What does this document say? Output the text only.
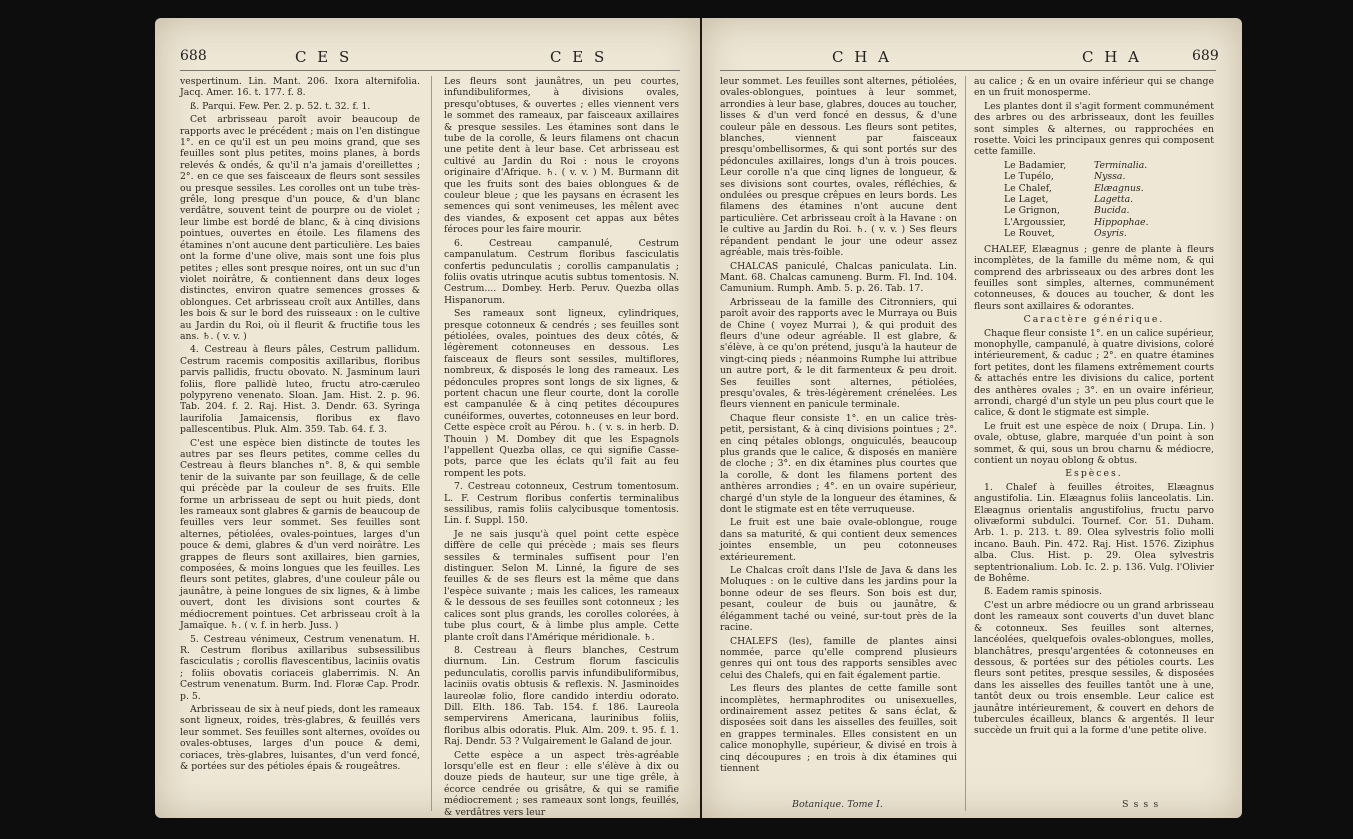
688	C E S	C E S

vespertinum. Lin. Mant. 206. Ixora alternifolia. Jacq. Amer. 16. t. 177. f. 8.

ß. Parqui. Few. Per. 2. p. 52. t. 32. f. 1.

Cet arbrisseau paroît avoir beaucoup de rapports avec le précédent ; mais on l'en distingue 1°. en ce qu'il est un peu moins grand, que ses feuilles sont plus petites, moins planes, à bords relevés & ondés, & qu'il n'a jamais d'oreillettes ; 2°. en ce que ses faisceaux de fleurs sont sessiles ou presque sessiles. Les corolles ont un tube très-grêle, long presque d'un pouce, & d'un blanc verdâtre, souvent teint de pourpre ou de violet ; leur limbe est bordé de blanc, & à cinq divisions pointues, ouvertes en étoile. Les filamens des étamines n'ont aucune dent particulière. Les baies ont la forme d'une olive, mais sont une fois plus petites ; elles sont presque noires, ont un suc d'un violet noirâtre, & contiennent dans deux loges distinctes, environ quatre semences grosses & oblongues. Cet arbrisseau croît aux Antilles, dans les bois & sur le bord des ruisseaux : on le cultive au Jardin du Roi, où il fleurit & fructifie tous les ans. ♄. ( v. v. )

4. Cestreau à fleurs pâles, Cestrum pallidum. Cestrum racemis compositis axillaribus, floribus parvis pallidis, fructu obovato. N. Jasminum lauri foliis, flore pallidè luteo, fructu atro-cæruleo polypyreno venenato. Sloan. Jam. Hist. 2. p. 96. Tab. 204. f. 2. Raj. Hist. 3. Dendr. 63. Syringa laurifolia Jamaicensis, floribus ex flavo pallescentibus. Pluk. Alm. 359. Tab. 64. f. 3.

C'est une espèce bien distincte de toutes les autres par ses fleurs petites, comme celles du Cestreau à fleurs blanches n°. 8, & qui semble tenir de la suivante par son feuillage, & de celle qui précède par la couleur de ses fruits. Elle forme un arbrisseau de sept ou huit pieds, dont les rameaux sont glabres & garnis de beaucoup de feuilles vers leur sommet. Ses feuilles sont alternes, pétiolées, ovales-pointues, larges d'un pouce & demi, glabres & d'un verd noirâtre. Les grappes de fleurs sont axillaires, bien garnies, composées, & moins longues que les feuilles. Les fleurs sont petites, glabres, d'une couleur pâle ou jaunâtre, à peine longues de six lignes, & à limbe ouvert, dont les divisions sont courtes & médiocrement pointues. Cet arbrisseau croît à la Jamaïque. ♄. ( v. f. in herb. Juss. )

5. Cestreau vénimeux, Cestrum venenatum. H. R. Cestrum floribus axillaribus subsessilibus fasciculatis ; corollis flavescentibus, laciniis ovatis ; foliis obovatis coriaceis glaberrimis. N. An Cestrum venenatum. Burm. Ind. Floræ Cap. Prodr. p. 5.

Arbrisseau de six à neuf pieds, dont les rameaux sont ligneux, roides, très-glabres, & feuillés vers leur sommet. Ses feuilles sont alternes, ovoïdes ou ovales-obtuses, larges d'un pouce & demi, coriaces, très-glabres, luisantes, d'un verd foncé, & portées sur des pétioles épais & rougeâtres.

Les fleurs sont jaunâtres, un peu courtes, infundibuliformes, à divisions ovales, presqu'obtuses, & ouvertes ; elles viennent vers le sommet des rameaux, par faisceaux axillaires & presque sessiles. Les étamines sont dans le tube de la corolle, & leurs filamens ont chacun une petite dent à leur base. Cet arbrisseau est cultivé au Jardin du Roi : nous le croyons originaire d'Afrique. ♄. ( v. v. ) M. Burmann dit que les fruits sont des baies oblongues & de couleur bleue ; que les paysans en écrasent les semences qui sont venimeuses, les mêlent avec des viandes, & exposent cet appas aux bêtes féroces pour les faire mourir.

6. Cestreau campanulé, Cestrum campanulatum. Cestrum floribus fasciculatis confertis pedunculatis ; corollis campanulatis ; foliis ovatis utrinque acutis subtus tomentosis. N. Cestrum.... Dombey. Herb. Peruv. Quezba ollas Hispanorum.

Ses rameaux sont ligneux, cylindriques, presque cotonneux & cendrés ; ses feuilles sont pétiolées, ovales, pointues des deux côtés, & légèrement cotonneuses en dessous. Les faisceaux de fleurs sont sessiles, multiflores, nombreux, & disposés le long des rameaux. Les pédoncules propres sont longs de six lignes, & portent chacun une fleur courte, dont la corolle est campanulée & à cinq petites découpures cunéiformes, ouvertes, cotonneuses en leur bord. Cette espèce croît au Pérou. ♄. ( v. s. in herb. D. Thouin ) M. Dombey dit que les Espagnols l'appellent Quezba ollas, ce qui signifie Casse-pots, parce que les éclats qu'il fait au feu rompent les pots.

7. Cestreau cotonneux, Cestrum tomentosum. L. F. Cestrum floribus confertis terminalibus sessilibus, ramis foliis calycibusque tomentosis. Lin. f. Suppl. 150.

Je ne sais jusqu'à quel point cette espèce diffère de celle qui précède ; mais ses fleurs sessiles & terminales suffisent pour l'en distinguer. Selon M. Linné, la figure de ses feuilles & de ses fleurs est la même que dans l'espèce suivante ; mais les calices, les rameaux & le dessous de ses feuilles sont cotonneux ; les calices sont plus grands, les corolles colorées, à tube plus court, & à limbe plus ample. Cette plante croît dans l'Amérique méridionale. ♄.

8. Cestreau à fleurs blanches, Cestrum diurnum. Lin. Cestrum florum fasciculis pedunculatis, corollis parvis infundibuliformibus, laciniis ovatis obtusis & reflexis. N. Jasminoides laureolæ folio, flore candido interdiu odorato. Dill. Elth. 186. Tab. 154. f. 186. Laureola sempervirens Americana, laurinibus foliis, floribus albis odoratis. Pluk. Alm. 209. t. 95. f. 1. Raj. Dendr. 53 ? Vulgairement le Galand de jour.

Cette espèce a un aspect très-agréable lorsqu'elle est en fleur : elle s'élève à dix ou douze pieds de hauteur, sur une tige grêle, à écorce cendrée ou grisâtre, & qui se ramifie médiocrement ; ses rameaux sont longs, feuillés, & verdâtres vers leur

C H A	C H A	689

leur sommet. Les feuilles sont alternes, pétiolées, ovales-oblongues, pointues à leur sommet, arrondies à leur base, glabres, douces au toucher, lisses & d'un verd foncé en dessus, & d'une couleur pâle en dessous. Les fleurs sont petites, blanches, viennent par faisceaux presqu'ombellisormes, & qui sont portés sur des pédoncules axillaires, longs d'un à trois pouces. Leur corolle n'a que cinq lignes de longueur, & ses divisions sont courtes, ovales, réfléchies, & ondulées ou presque crêpues en leurs bords. Les filamens des étamines n'ont aucune dent particulière. Cet arbrisseau croît à la Havane : on le cultive au Jardin du Roi. ♄. ( v. v. ) Ses fleurs répandent pendant le jour une odeur assez agréable, mais très-foible.

CHALCAS paniculé, Chalcas paniculata. Lin. Mant. 68. Chalcas camuneng. Burm. Fl. Ind. 104. Camunium. Rumph. Amb. 5. p. 26. Tab. 17.

Arbrisseau de la famille des Citronniers, qui paroît avoir des rapports avec le Murraya ou Buis de Chine ( voyez Murrai ), & qui produit des fleurs d'une odeur agréable. Il est glabre, & s'élève, à ce qu'on prétend, jusqu'à la hauteur de vingt-cinq pieds ; néanmoins Rumphe lui attribue un autre port, & le dit farmenteux & peu droit. Ses feuilles sont alternes, pétiolées, presqu'ovales, & très-légèrement crénelées. Les fleurs viennent en panicule terminale.

Chaque fleur consiste 1°. en un calice très-petit, persistant, & à cinq divisions pointues ; 2°. en cinq pétales oblongs, onguiculés, beaucoup plus grands que le calice, & disposés en manière de cloche ; 3°. en dix étamines plus courtes que la corolle, & dont les filamens portent des anthères arrondies ; 4°. en un ovaire supérieur, chargé d'un style de la longueur des étamines, & dont le stigmate est en tête verruqueuse.

Le fruit est une baie ovale-oblongue, rouge dans sa maturité, & qui contient deux semences jointes ensemble, un peu cotonneuses extérieurement.

Le Chalcas croît dans l'Isle de Java & dans les Moluques : on le cultive dans les jardins pour la bonne odeur de ses fleurs. Son bois est dur, pesant, couleur de buis ou jaunâtre, & élégamment taché ou veiné, sur-tout près de la racine.

CHALEFS (les), famille de plantes ainsi nommée, parce qu'elle comprend plusieurs genres qui ont tous des rapports sensibles avec celui des Chalefs, qui en fait également partie.

Les fleurs des plantes de cette famille sont incomplètes, hermaphrodites ou unisexuelles, ordinairement assez petites & sans éclat, & disposées soit dans les aisselles des feuilles, soit en grappes terminales. Elles consistent en un calice monophylle, supérieur, & divisé en trois à cinq découpures ; en trois à dix étamines qui tiennent

Botanique. Tome I.

au calice ; & en un ovaire inférieur qui se change en un fruit monosperme.

Les plantes dont il s'agit forment communément des arbres ou des arbrisseaux, dont les feuilles sont simples & alternes, ou rapprochées en rosette. Voici les principaux genres qui composent cette famille.

Le Badamier,	Terminalia.
Le Tupélo,	Nyssa.
Le Chalef,	Elæagnus.
Le Laget,	Lagetta.
Le Grignon,	Bucida.
L'Argoussier,	Hippophae.
Le Rouvet,	Osyris.

CHALEF, Elæagnus ; genre de plante à fleurs incomplètes, de la famille du même nom, & qui comprend des arbrisseaux ou des arbres dont les feuilles sont simples, alternes, communément cotonneuses, & douces au toucher, & dont les fleurs sont axillaires & odorantes.

Caractère générique.

Chaque fleur consiste 1°. en un calice supérieur, monophylle, campanulé, à quatre divisions, coloré intérieurement, & caduc ; 2°. en quatre étamines fort petites, dont les filamens extrêmement courts & attachés entre les divisions du calice, portent des anthères ovales ; 3°. en un ovaire inférieur, arrondi, chargé d'un style un peu plus court que le calice, & dont le stigmate est simple.

Le fruit est une espèce de noix ( Drupa. Lin. ) ovale, obtuse, glabre, marquée d'un point à son sommet, & qui, sous un brou charnu & médiocre, contient un noyau oblong & obtus.

Espèces.

1. Chalef à feuilles étroites, Elæagnus angustifolia. Lin. Elæagnus foliis lanceolatis. Lin. Elæagnus orientalis angustifolius, fructu parvo olivæformi subdulci. Tournef. Cor. 51. Duham. Arb. 1. p. 213. t. 89. Olea sylvestris folio molli incano. Bauh. Pin. 472. Raj. Hist. 1576. Ziziphus alba. Clus. Hist. p. 29. Olea sylvestris septentrionalium. Lob. Ic. 2. p. 136. Vulg. l'Olivier de Bohême.

ß. Eadem ramis spinosis.

C'est un arbre médiocre ou un grand arbrisseau dont les rameaux sont couverts d'un duvet blanc & cotonneux. Ses feuilles sont alternes, lancéolées, quelquefois ovales-oblongues, molles, blanchâtres, presqu'argentées & cotonneuses en dessous, & portées sur des pétioles courts. Les fleurs sont petites, presque sessiles, & disposées dans les aisselles des feuilles tantôt une à une, tantôt deux ou trois ensemble. Leur calice est jaunâtre intérieurement, & couvert en dehors de tubercules écailleux, blancs & argentés. Il leur succède un fruit qui a la forme d'une petite olive.

S s s s
